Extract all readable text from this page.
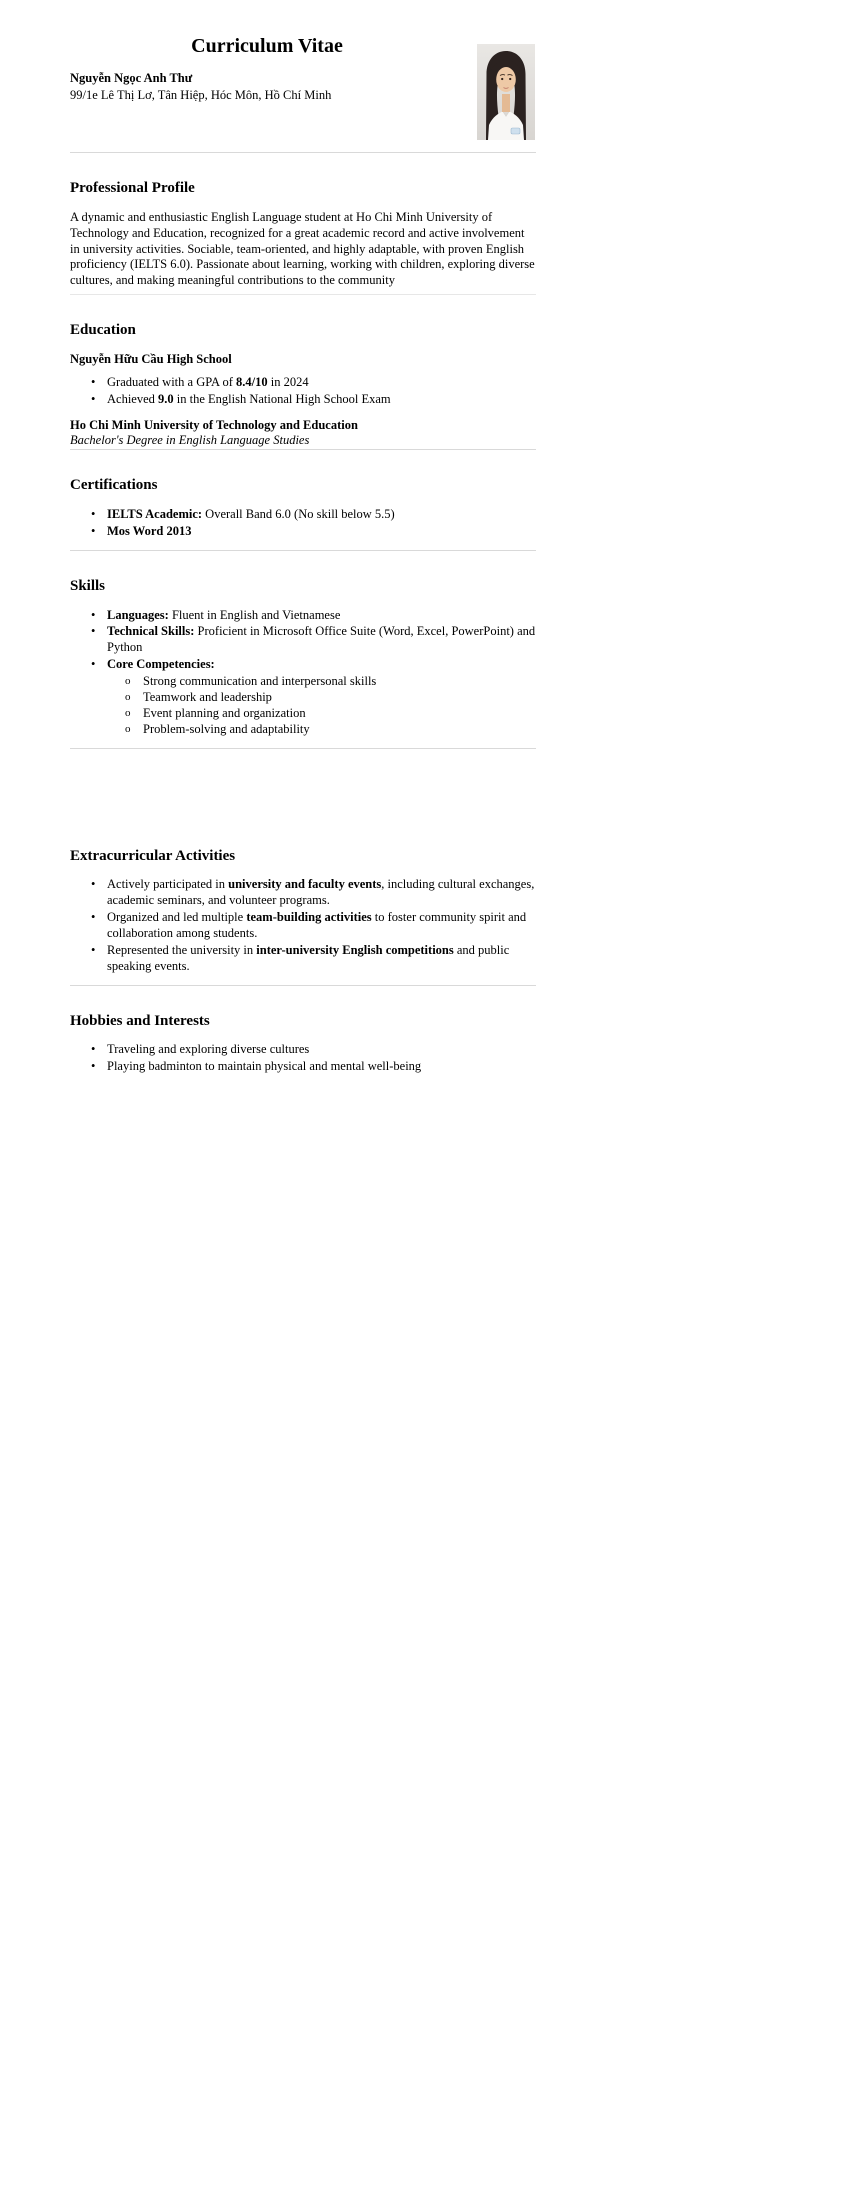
Curriculum Vitae
Nguyễn Ngọc Anh Thư
99/1e Lê Thị Lơ, Tân Hiệp, Hóc Môn, Hồ Chí Minh
Professional Profile

A dynamic and enthusiastic English Language student at Ho Chi Minh University of Technology and Education, recognized for a great academic record and active involvement in university activities. Sociable, team-oriented, and highly adaptable, with proven English proficiency (IELTS 6.0). Passionate about learning, working with children, exploring diverse cultures, and making meaningful contributions to the community

Education

Nguyễn Hữu Cầu High School

• Graduated with a GPA of 8.4/10 in 2024
• Achieved 9.0 in the English National High School Exam

Ho Chi Minh University of Technology and Education

Bachelor's Degree in English Language Studies

Certifications
• IELTS Academic: Overall Band 6.0 (No skill below 5.5)
• Mos Word 2013
Skills
• Languages: Fluent in English and Vietnamese
• Technical Skills: Proficient in Microsoft Office Suite (Word, Excel, PowerPoint) and Python
• Core Competencies:
o Strong communication and interpersonal skills
o Teamwork and leadership
o Event planning and organization
o Problem-solving and adaptability
Extracurricular Activities
• Actively participated in university and faculty events, including cultural exchanges, academic seminars, and volunteer programs.
• Organized and led multiple team-building activities to foster community spirit and collaboration among students.
• Represented the university in inter-university English competitions and public speaking events.
Hobbies and Interests
• Traveling and exploring diverse cultures
• Playing badminton to maintain physical and mental well-being
